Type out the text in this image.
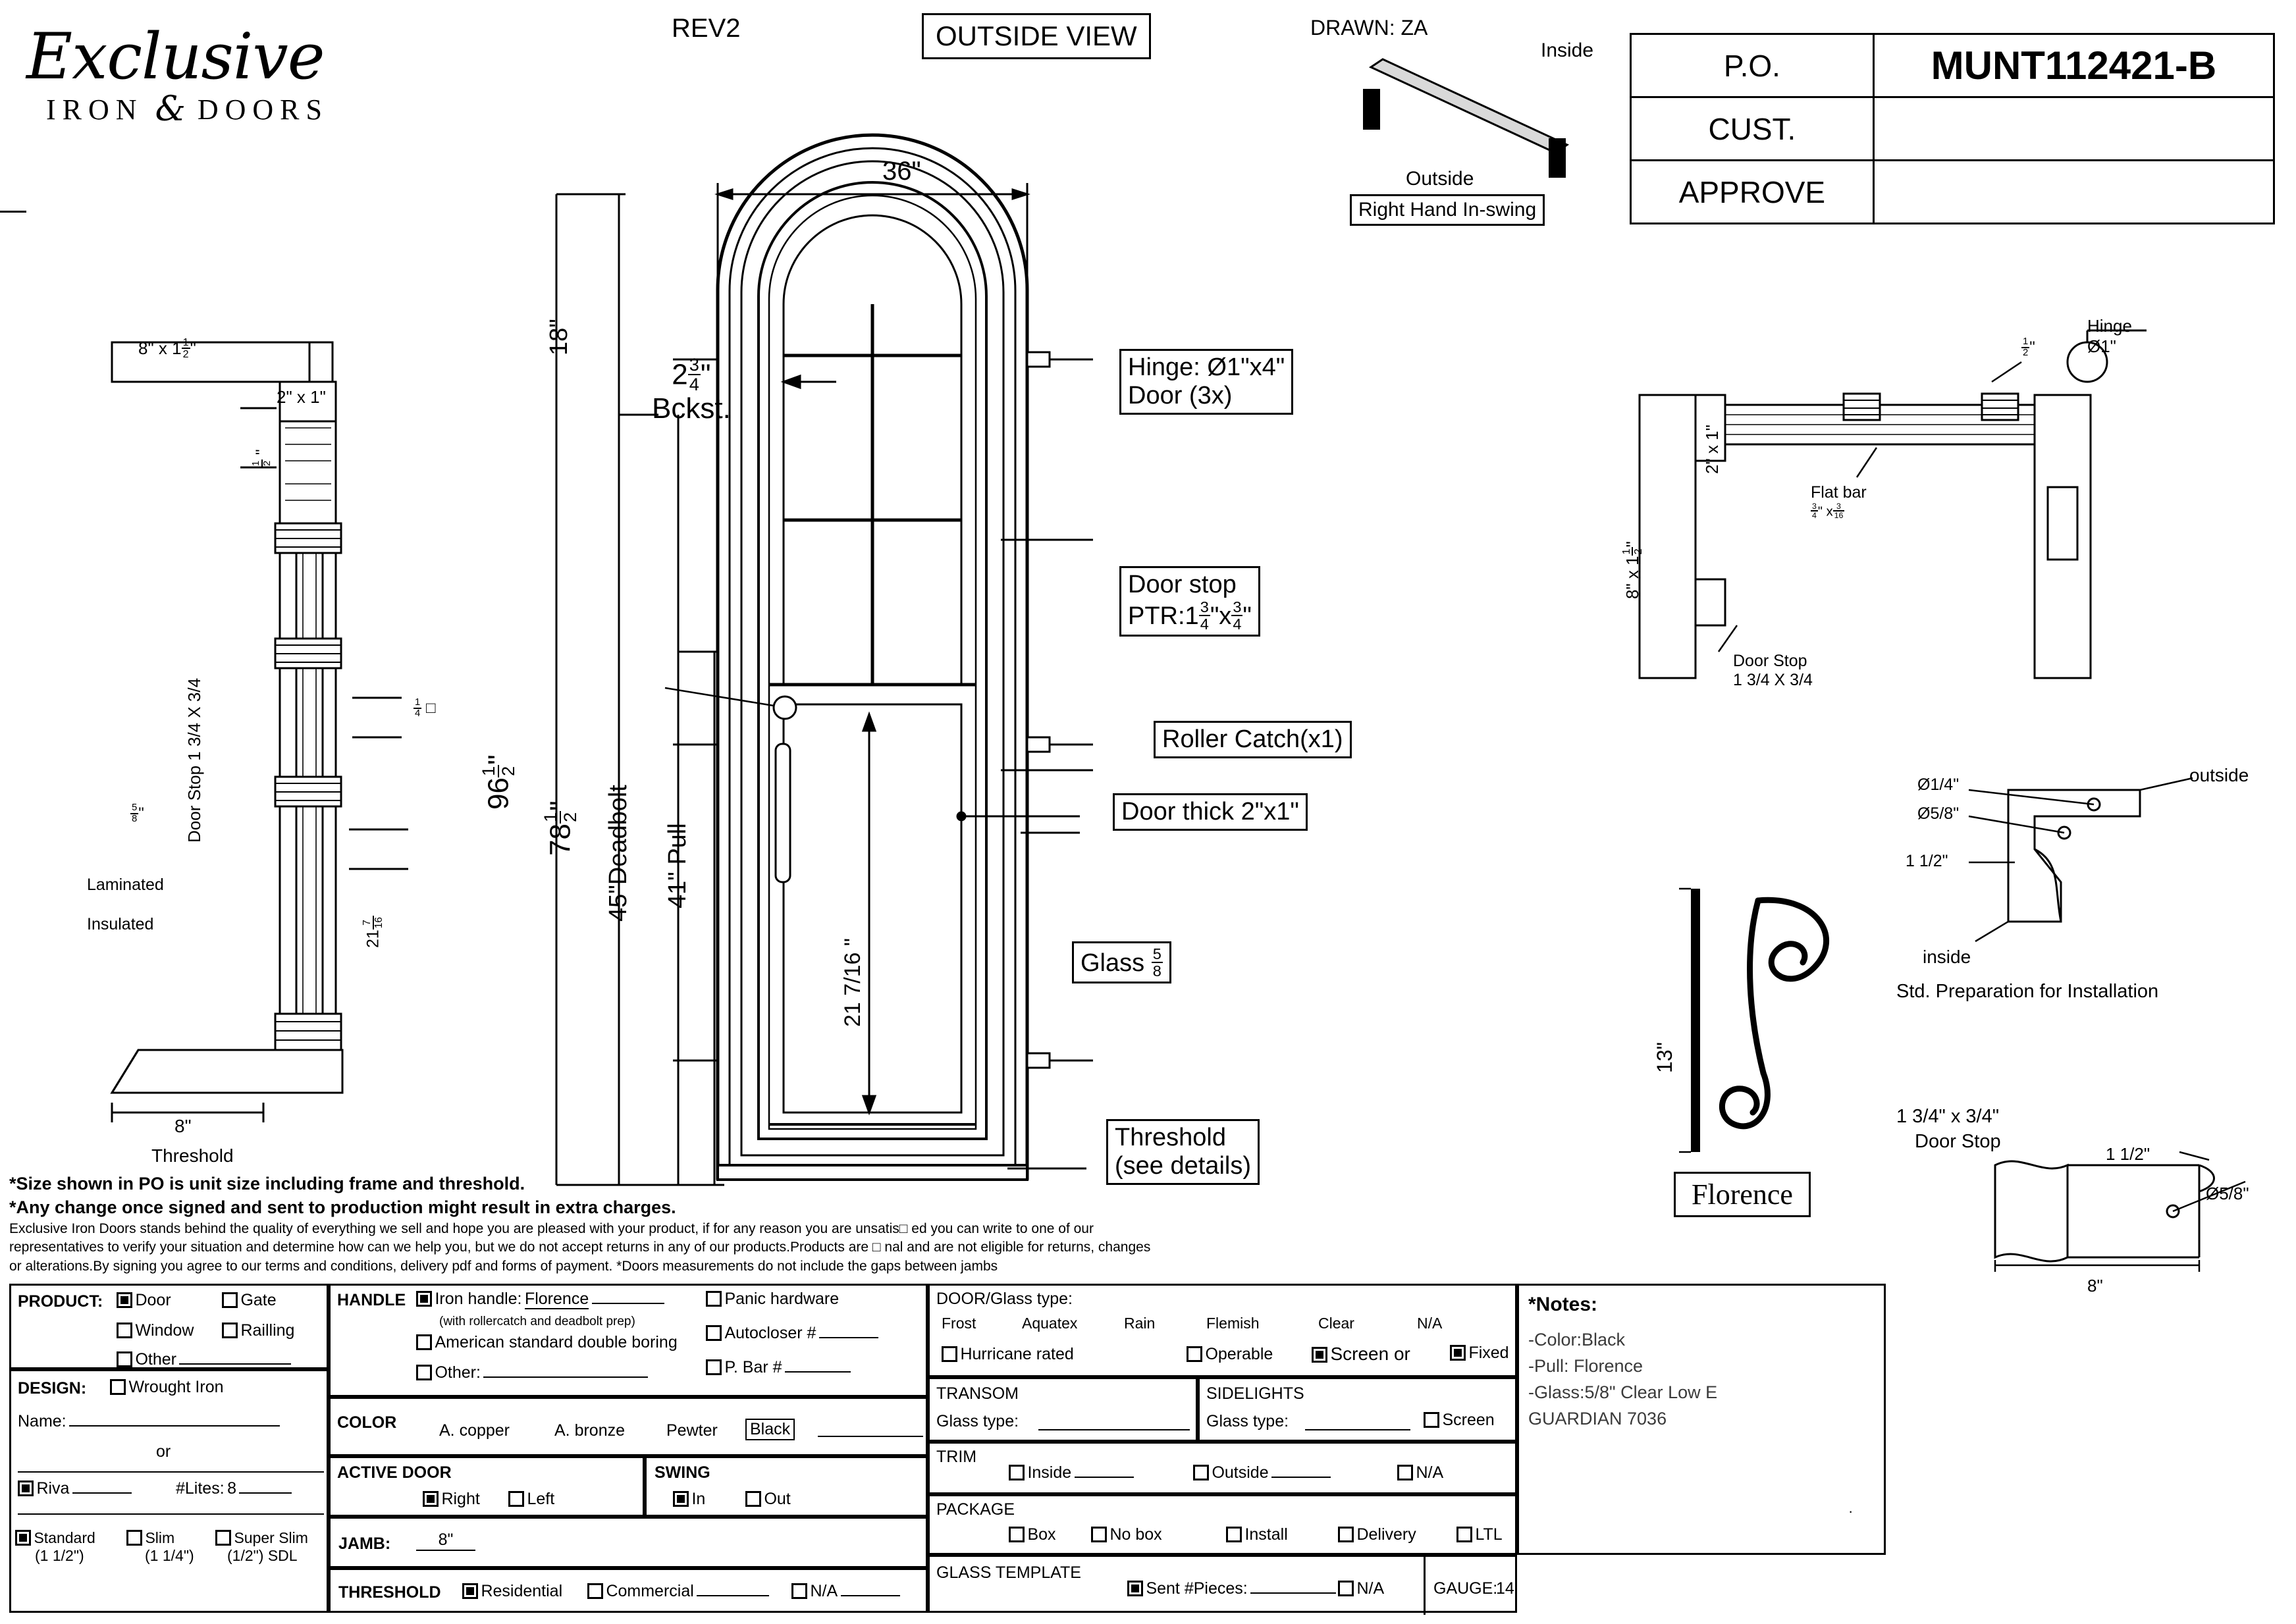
Exclusive
IRON & DOORS
REV2	OUTSIDE VIEW	DRAWN: ZA
P.O.	MUNT112421-B
CUST.	
APPROVE	
Inside
Outside
Right Hand In-swing
8" x $1 \frac{1}{2}$ "
2" x 1"
1 2
"
Door Stop 1 3/4 X 3/4	$\frac{1}{4}$ □
$\frac{5}{8}$ "
Laminated
Insulated
21
7 16
8"
Threshold
36"
18"
96
1
2
"
78
1
2
" 45"Deadbolt 41" Pull
21 7/16 "
$2 \frac{3}{4}$ "
Bckst.
Hinge: Ø1"x4"
Door (3x)
Door stop
PTR:1 $\frac{3}{4}$ "$x \frac{3}{4}$ "
Roller Catch(x1)
Door thick 2"x1"
Glass $\frac{5}{8}$
Threshold
(see details)
Hinge Ø1"
2" x 1"
8" x 1
1 2
"
$\frac{1}{2}$ "
Flat bar
$\frac{3}{4}$ " x $\frac{3}{16}$
Door Stop
1 3/4 X 3/4
Ø1/4"
Ø5/8"
1 1/2"
outside
inside
Std. Preparation for Installation
1 3/4" x 3/4"
Door Stop
1 1/2"
Ø5/8"
8"
13"
Florence
*Size shown in PO is unit size including frame and threshold.
*Any change once signed and sent to production might result in extra charges.
Exclusive Iron Doors stands behind the quality of everything we sell and hope you are pleased with your product, if for any reason you are unsatis□ ed you can write to one of our
representatives to verify your situation and determine how can we help you, but we do not accept returns in any of our products.Products are □ nal and are not eligible for returns, changes
or alterations.By signing you agree to our terms and conditions, delivery pdf and forms of payment. *Doors measurements do not include the gaps between jambs
PRODUCT:	Door	Gate
Window	Railling
Other
DESIGN:	Wrought Iron
Name:
or
Riva	#Lites: 8
Standard
(1 1/2")
Slim
(1 1/4")
Super Slim
(1/2") SDL
HANDLE	Iron handle: Florence
(with rollercatch and deadbolt prep)
American standard double boring
Other:
Panic hardware
Autocloser #
P. Bar #
COLOR	A. copper	A. bronze	Pewter Black
ACTIVE DOOR
Right	Left
SWING
In	Out
JAMB:	8"
THRESHOLD	Residential	Commercial	N/A
DOOR/Glass type:
Frost	Aquatex	Rain	Flemish	Clear	N/A
Hurricane rated	Operable	Screen or	Fixed
TRANSOM
Glass type:
SIDELIGHTS
Glass type:	Screen
TRIM
Inside	Outside	N/A
PACKAGE
Box	No box	Install	Delivery	LTL
GLASS TEMPLATE
Sent #Pieces:	N/A	GAUGE:
14
*Notes:
-Color:Black
-Pull: Florence
-Glass:5/8" Clear Low E
GUARDIAN 7036
·
